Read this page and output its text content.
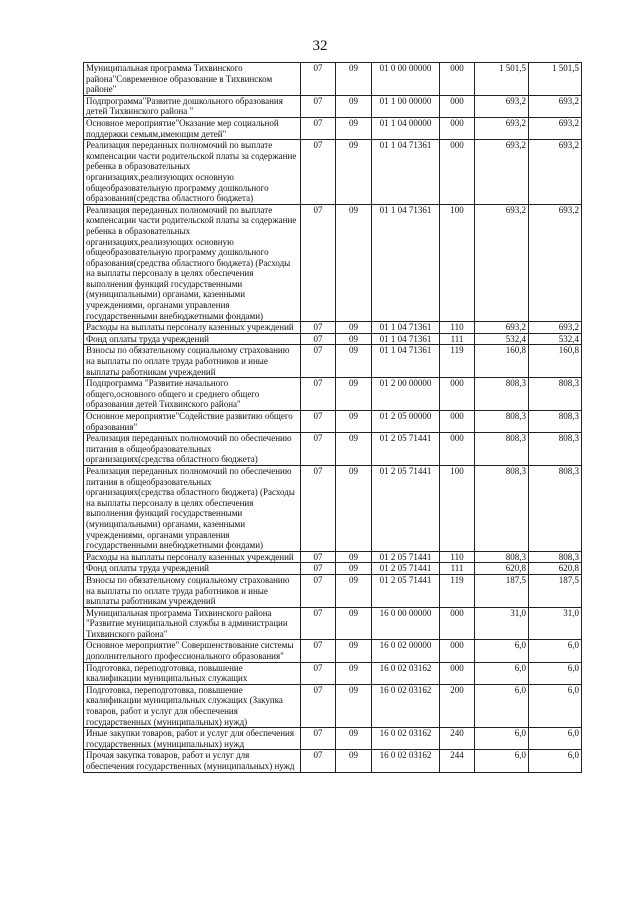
32
Муниципальная программа Тихвинского района"Современное образование в Тихвинском районе"	07	09	01 0 00 00000	000	1 501,5	1 501,5
Подпрограмма"Развитие дошкольного образования детей Тихвинского района "	07	09	01 1 00 00000	000	693,2	693,2
Основное мероприятие"Оказание мер социальной поддержки семьям,имеющим детей"	07	09	01 1 04 00000	000	693,2	693,2
Реализация переданных полномочий по выплате компенсации части родительской платы за содержание ребенка в образовательных организациях,реализующих основную общеобразовательную программу дошкольного образования(средства областного бюджета)	07	09	01 1 04 71361	000	693,2	693,2
Реализация переданных полномочий по выплате компенсации части родительской платы за содержание ребенка в образовательных организациях,реализующих основную общеобразовательную программу дошкольного образования(средства областного бюджета) (Расходы на выплаты персоналу в целях обеспечения выполнения функций государственными (муниципальными) органами, казенными учреждениями, органами управления государственными внебюджетными фондами)	07	09	01 1 04 71361	100	693,2	693,2
Расходы на выплаты персоналу казенных учреждений	07	09	01 1 04 71361	110	693,2	693,2
Фонд оплаты труда учреждений	07	09	01 1 04 71361	111	532,4	532,4
Взносы по обязательному социальному страхованию на выплаты по оплате труда работников и иные выплаты работникам учреждений	07	09	01 1 04 71361	119	160,8	160,8
Подпрограмма "Развитие начального общего,основного общего и среднего общего образования детей Тихвинского района"	07	09	01 2 00 00000	000	808,3	808,3
Основное мероприятие"Содействие развитию общего образования"	07	09	01 2 05 00000	000	808,3	808,3
Реализация переданных полномочий по обеспечению питания в общеобразовательных организациях(средства областного бюджета)	07	09	01 2 05 71441	000	808,3	808,3
Реализация переданных полномочий по обеспечению питания в общеобразовательных организациях(средства областного бюджета) (Расходы на выплаты персоналу в целях обеспечения выполнения функций государственными (муниципальными) органами, казенными учреждениями, органами управления государственными внебюджетными фондами)	07	09	01 2 05 71441	100	808,3	808,3
Расходы на выплаты персоналу казенных учреждений	07	09	01 2 05 71441	110	808,3	808,3
Фонд оплаты труда учреждений	07	09	01 2 05 71441	111	620,8	620,8
Взносы по обязательному социальному страхованию на выплаты по оплате труда работников и иные выплаты работникам учреждений	07	09	01 2 05 71441	119	187,5	187,5
Муниципальная программа Тихвинского района "Развитие муниципальной службы в администрации Тихвинского района"	07	09	16 0 00 00000	000	31,0	31,0
Основное мероприятие" Совершенствование системы дополнительного профессионального образования"	07	09	16 0 02 00000	000	6,0	6,0
Подготовка, переподготовка, повышение квалификации муниципальных служащих	07	09	16 0 02 03162	000	6,0	6,0
Подготовка, переподготовка, повышение квалификации муниципальных служащих (Закупка товаров, работ и услуг для обеспечения государственных (муниципальных) нужд)	07	09	16 0 02 03162	200	6,0	6,0
Иные закупки товаров, работ и услуг для обеспечения государственных (муниципальных) нужд	07	09	16 0 02 03162	240	6,0	6,0
Прочая закупка товаров, работ и услуг для обеспечения государственных (муниципальных) нужд	07	09	16 0 02 03162	244	6,0	6,0
